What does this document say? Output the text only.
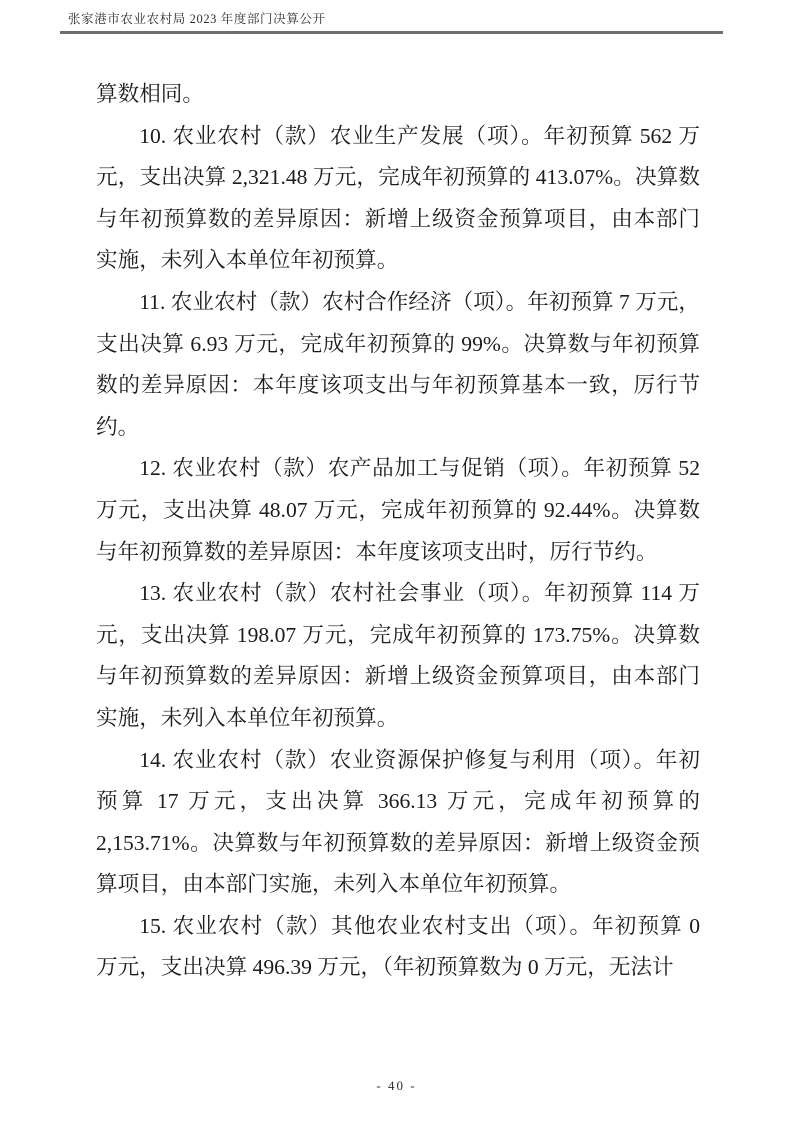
张家港市农业农村局 2023 年度部门决算公开

算数相同。

10. 农业农村（款）农业生产发展（项）。年初预算 562 万元，支出决算 2,321.48 万元，完成年初预算的 413.07%。决算数与年初预算数的差异原因：新增上级资金预算项目，由本部门实施，未列入本单位年初预算。

11. 农业农村（款）农村合作经济（项）。年初预算 7 万元，支出决算 6.93 万元，完成年初预算的 99%。决算数与年初预算数的差异原因：本年度该项支出与年初预算基本一致，厉行节约。

12. 农业农村（款）农产品加工与促销（项）。年初预算 52 万元，支出决算 48.07 万元，完成年初预算的 92.44%。决算数与年初预算数的差异原因：本年度该项支出时，厉行节约。

13. 农业农村（款）农村社会事业（项）。年初预算 114 万元，支出决算 198.07 万元，完成年初预算的 173.75%。决算数与年初预算数的差异原因：新增上级资金预算项目，由本部门实施，未列入本单位年初预算。

14. 农业农村（款）农业资源保护修复与利用（项）。年初预算 17 万元，支出决算 366.13 万元，完成年初预算的 2,153.71%。决算数与年初预算数的差异原因：新增上级资金预算项目，由本部门实施，未列入本单位年初预算。

15. 农业农村（款）其他农业农村支出（项）。年初预算 0 万元，支出决算 496.39 万元，（年初预算数为 0 万元，无法计

- 40 -
